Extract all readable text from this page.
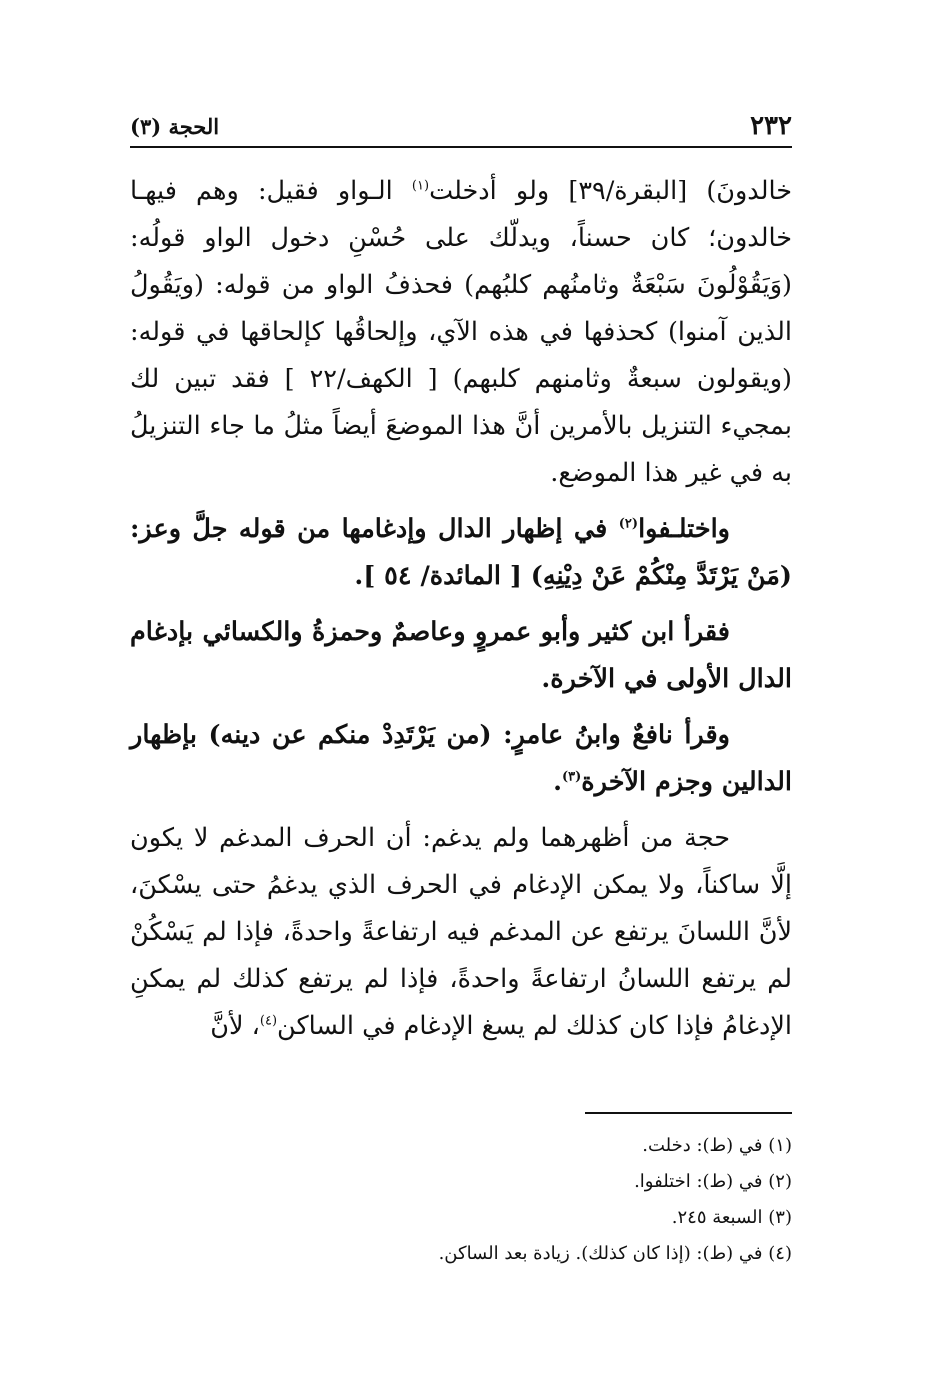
٢٣٢
الحجة (٣)

خالدونَ) [البقرة/٣٩] ولو أدخلت$^{(١)}$ الـواو فقيل: وهم فيهـا خالدون؛ كان حسناً، ويدلّك على حُسْنِ دخول الواو قولُه: (وَيَقُوْلُونَ سَبْعَةٌ وثامنُهم كلبُهم) فحذفُ الواو من قوله: (ويَقُولُ الذين آمنوا) كحذفها في هذه الآي، وإلحاقُها كإلحاقها في قوله: (ويقولون سبعةٌ وثامنهم كلبهم) [ الكهف/٢٢ ] فقد تبين لك بمجيء التنزيل بالأمرين أنَّ هذا الموضعَ أيضاً مثلُ ما جاء التنزيلُ به في غير هذا الموضع.

واختلـفوا$^{(٢)}$ في إظهار الدال وإدغامها من قوله جلَّ وعز: (مَنْ يَرْتَدَّ مِنْكُمْ عَنْ دِيْنِهِ) [ المائدة/ ٥٤ ].

فقرأ ابن كثير وأبو عمروٍ وعاصمٌ وحمزةُ والكسائي بإدغام الدال الأولى في الآخرة.

وقرأ نافعٌ وابنُ عامرٍ: (من يَرْتَدِدْ منكم عن دينه) بإظهار الدالين وجزم الآخرة$^{(٣)}$.

حجة من أظهرهما ولم يدغم: أن الحرف المدغم لا يكون إلَّا ساكناً، ولا يمكن الإدغام في الحرف الذي يدغمُ حتى يسْكنَ، لأنَّ اللسانَ يرتفع عن المدغم فيه ارتفاعةً واحدةً، فإذا لم يَسْكُنْ لم يرتفع اللسانُ ارتفاعةً واحدةً، فإذا لم يرتفع كذلك لم يمكنِ الإدغامُ فإذا كان كذلك لم يسغ الإدغام في الساكن$^{(٤)}$، لأنَّ

(١) في (ط): دخلت.

(٢) في (ط): اختلفوا.

(٣) السبعة ٢٤٥.

(٤) في (ط): (إذا كان كذلك). زيادة بعد الساكن.
